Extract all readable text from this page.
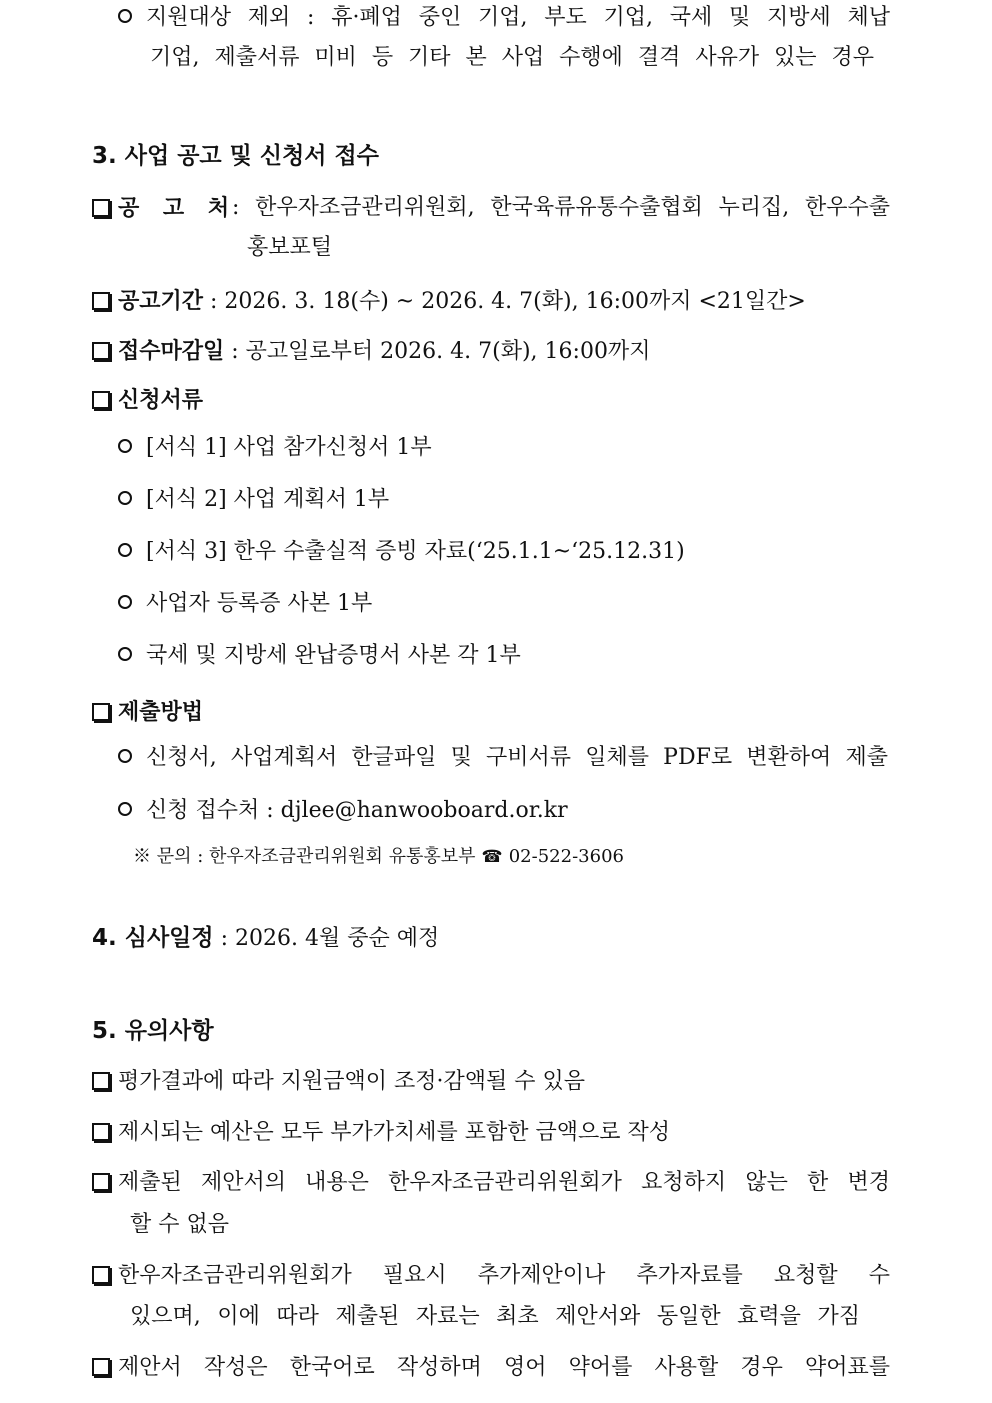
지원대상 제외 : 휴·폐업 중인 기업, 부도 기업, 국세 및 지방세 체납
기업, 제출서류 미비 등 기타 본 사업 수행에 결격 사유가 있는 경우
3. 사업 공고 및 신청서 접수
공 고 처
: 한우자조금관리위원회, 한국육류유통수출협회 누리집, 한우수출
홍보포털
공고기간 : 2026. 3. 18(수) ~ 2026. 4. 7(화), 16:00까지 <21일간>
접수마감일 : 공고일로부터 2026. 4. 7(화), 16:00까지
신청서류
[서식 1] 사업 참가신청서 1부
[서식 2] 사업 계획서 1부
[서식 3] 한우 수출실적 증빙 자료(‘25.1.1~‘25.12.31)
사업자 등록증 사본 1부
국세 및 지방세 완납증명서 사본 각 1부
제출방법
신청서, 사업계획서 한글파일 및 구비서류 일체를 PDF로 변환하여 제출
신청 접수처 : djlee@hanwooboard.or.kr
※ 문의 : 한우자조금관리위원회 유통홍보부 ☎ 02-522-3606
4. 심사일정 : 2026. 4월 중순 예정
5. 유의사항
평가결과에 따라 지원금액이 조정·감액될 수 있음
제시되는 예산은 모두 부가가치세를 포함한 금액으로 작성
제출된 제안서의 내용은 한우자조금관리위원회가 요청하지 않는 한 변경
할 수 없음
한우자조금관리위원회가 필요시 추가제안이나 추가자료를 요청할 수
있으며, 이에 따라 제출된 자료는 최초 제안서와 동일한 효력을 가짐
제안서 작성은 한국어로 작성하며 영어 약어를 사용할 경우 약어표를
